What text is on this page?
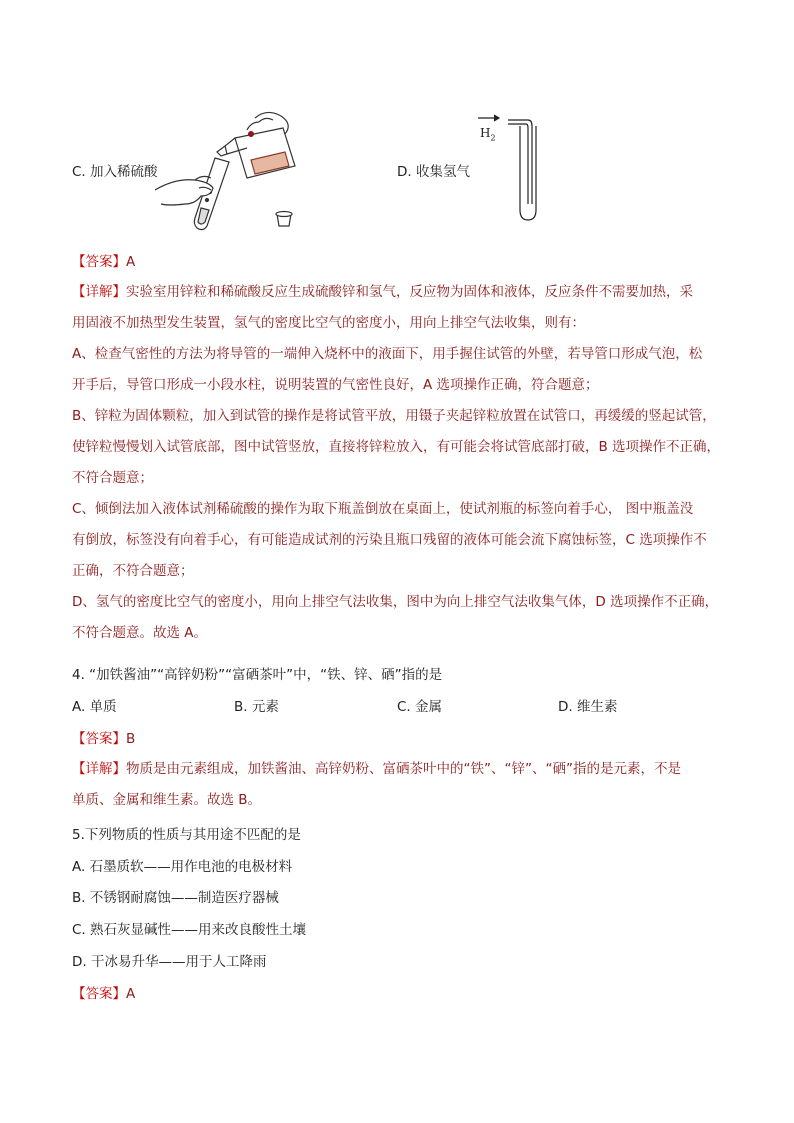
C. 加入稀硫酸	D. 收集氢气
$H_2$
【答案】A

【详解】实验室用锌粒和稀硫酸反应生成硫酸锌和氢气，反应物为固体和液体，反应条件不需要加热，采

用固液不加热型发生装置，氢气的密度比空气的密度小，用向上排空气法收集，则有：

A、检查气密性的方法为将导管的一端伸入烧杯中的液面下，用手握住试管的外壁，若导管口形成气泡，松

开手后，导管口形成一小段水柱，说明装置的气密性良好，A 选项操作正确，符合题意；

B、锌粒为固体颗粒，加入到试管的操作是将试管平放，用镊子夹起锌粒放置在试管口，再缓缓的竖起试管，

使锌粒慢慢划入试管底部，图中试管竖放，直接将锌粒放入，有可能会将试管底部打破，B 选项操作不正确，

不符合题意；

C、倾倒法加入液体试剂稀硫酸的操作为取下瓶盖倒放在桌面上，使试剂瓶的标签向着手心， 图中瓶盖没

有倒放，标签没有向着手心，有可能造成试剂的污染且瓶口残留的液体可能会流下腐蚀标签，C 选项操作不

正确，不符合题意；

D、氢气的密度比空气的密度小，用向上排空气法收集，图中为向上排空气法收集气体，D 选项操作不正确，

不符合题意。故选 A。

4. “加铁酱油”“高锌奶粉”“富硒茶叶”中，“铁、锌、硒”指的是
A. 单质	B. 元素	C. 金属	D. 维生素
【答案】B

【详解】物质是由元素组成，加铁酱油、高锌奶粉、富硒茶叶中的“铁”、“锌”、“硒”指的是元素，不是

单质、金属和维生素。故选 B。

5.下列物质的性质与其用途不匹配的是
A. 石墨质软——用作电池的电极材料
B. 不锈钢耐腐蚀——制造医疗器械
C. 熟石灰显碱性——用来改良酸性土壤
D. 干冰易升华——用于人工降雨
【答案】A
